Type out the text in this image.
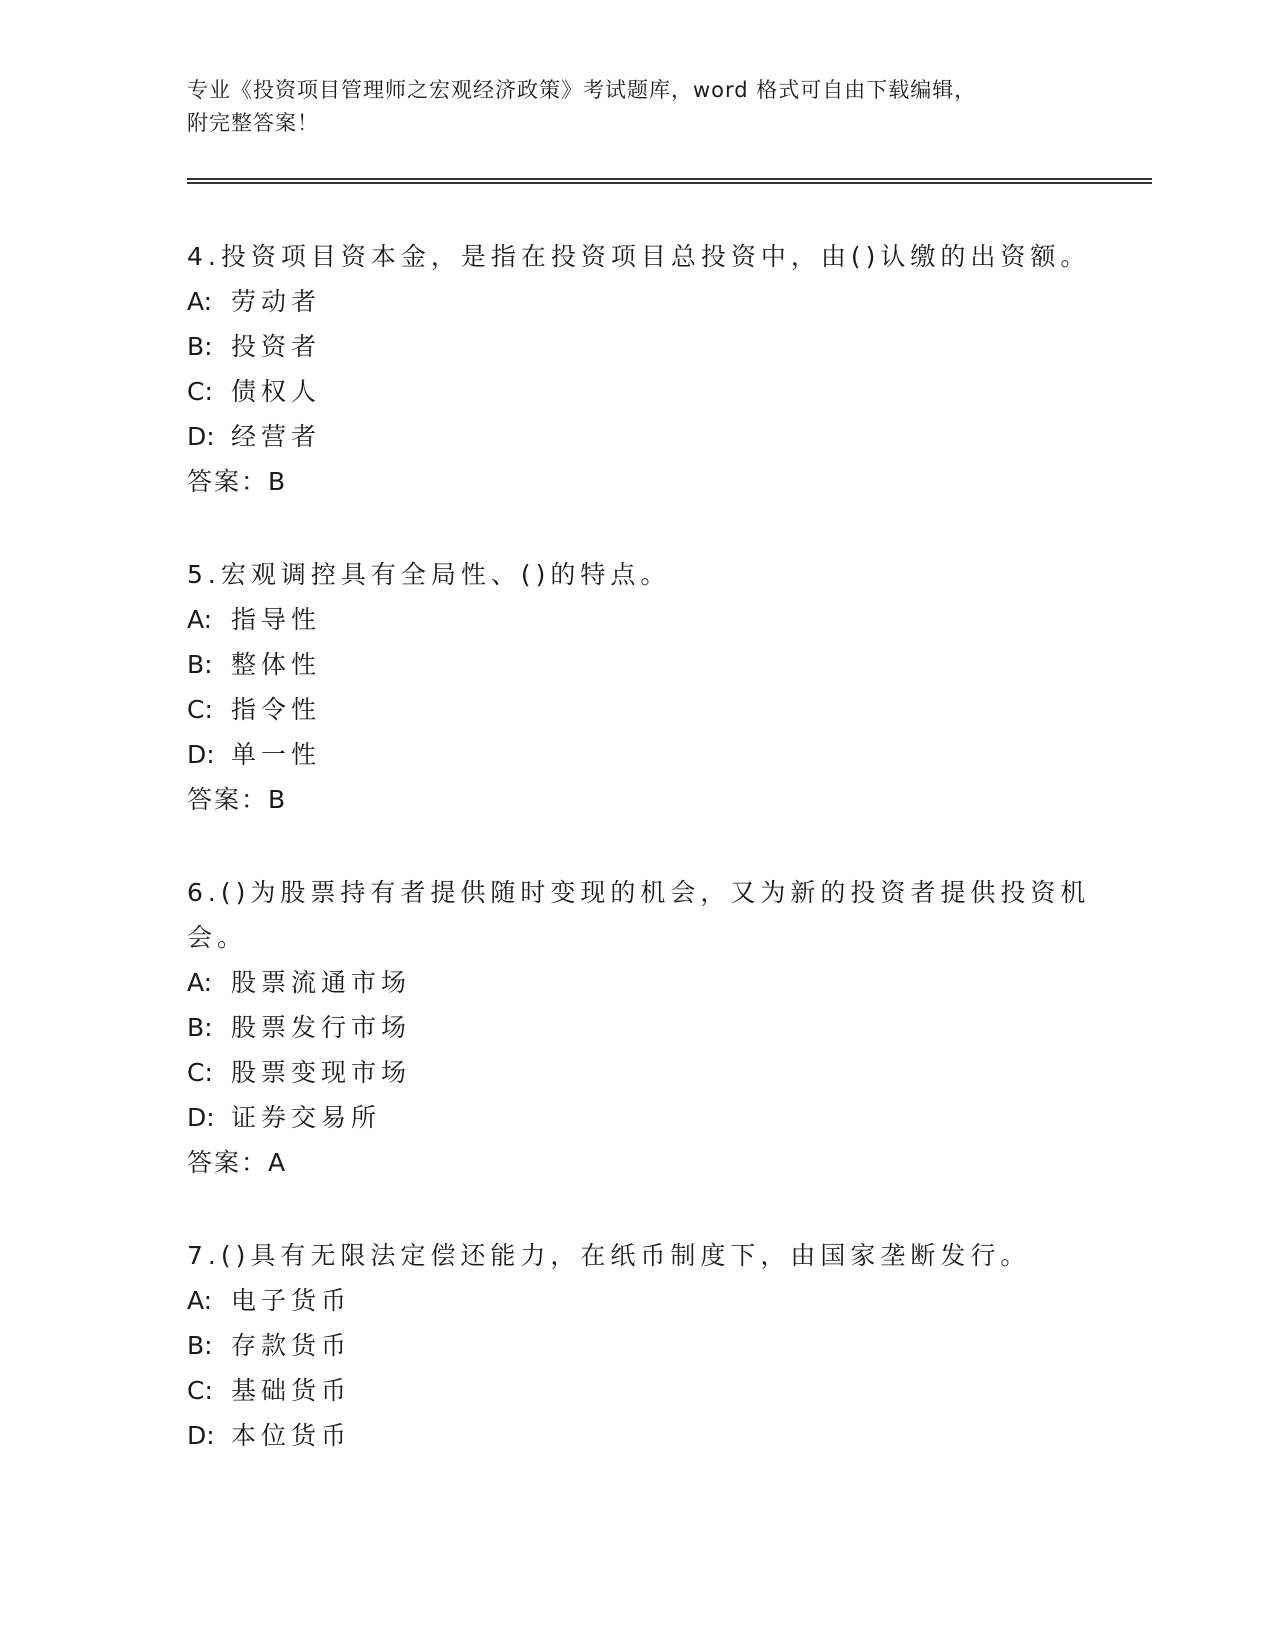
专业《投资项目管理师之宏观经济政策》考试题库，word 格式可自由下载编辑，
附完整答案！

4.投资项目资本金，是指在投资项目总投资中，由()认缴的出资额。

A: 劳动者

B: 投资者

C: 债权人

D: 经营者

答案：B

5.宏观调控具有全局性、()的特点。

A: 指导性

B: 整体性

C: 指令性

D: 单一性

答案：B

6.()为股票持有者提供随时变现的机会，又为新的投资者提供投资机

会。

A: 股票流通市场

B: 股票发行市场

C: 股票变现市场

D: 证券交易所

答案：A

7.()具有无限法定偿还能力，在纸币制度下，由国家垄断发行。

A: 电子货币

B: 存款货币

C: 基础货币

D: 本位货币
